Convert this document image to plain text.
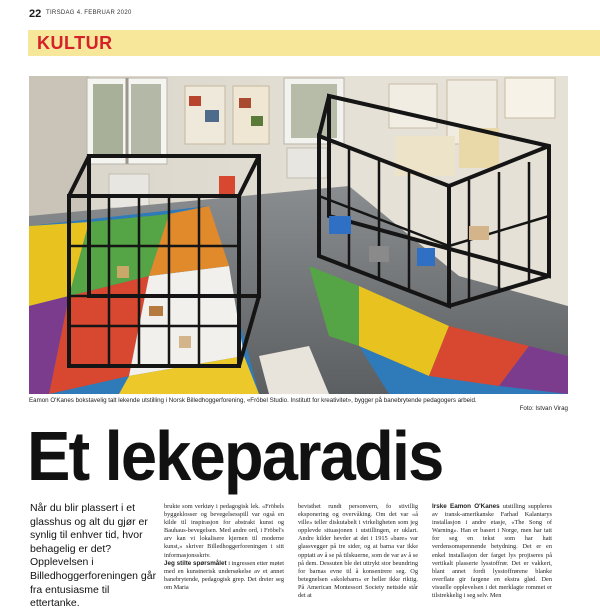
22 TIRSDAG 4. FEBRUAR 2020
KULTUR
Eamon O'Kanes bokstavelig talt lekende utstilling i Norsk Billedhoggerforening, «Fröbel Studio. Institutt for kreativitet», bygger på banebrytende pedagogers arbeid.
Foto: Istvan Virag
Et lekeparadis
Når du blir plassert i et glasshus og alt du gjør er synlig til enhver tid, hvor behagelig er det? Opplevelsen i Billedhoggerforeningen går fra entusiasme til ettertanke.

brukte som verktøy i pedagogisk lek. «Fröbels byggeklosser og bevegelsesspill var også en kilde til inspirasjon for abstrakt kunst og Bauhaus-bevegelsen. Med andre ord, i Fröbel's arv kan vi lokalisere kjernen til moderne kunst,» skriver Billedhoggerforeningen i sitt informasjonsskriv.

Jeg stilte spørsmålet i ingressen etter møtet med en kunstnerisk undersøkelse av et annet banebrytende, pedagogisk grep. Det dreier seg om Maria

bevisthet rundt personvern, fo stivillig eksponering og overvåking. Om det var «å ville» teller diskutabelt i virkeligheten som jeg opplevde situasjonen i utstillingen, er uklart. Andre kilder hevder at det i 1915 «bare» var glassvegger på tre sider, og at barna var ikke opptatt av å se på tilskuerne, som de var av å se på dem. Dessuten ble det uttrykt stor beundring for barnas evne til å konsentrere seg. Og betegnelsen «skolebarn» er heller ikke riktig. På American Montessori Society nettside står det at

Irske Eamon O'Kanes utstilling suppleres av iransk-amerikanske Farhad Kalantarys installasjon i andre etasje, «The Song of Warning». Han er basert i Norge, men har tatt for seg en tekst som har hatt verdensomspennende betydning. Det er en enkel installasjon der farget lys projiseres på vertikalt plasserte lysstoffrør. Det er vakkert, blant annet fordi lysstoffrørene blanke overflate gir fargene en ekstra glød. Den visuelle opplevelsen i det merklagte rommet er tilstrekkelig i seg selv. Men
